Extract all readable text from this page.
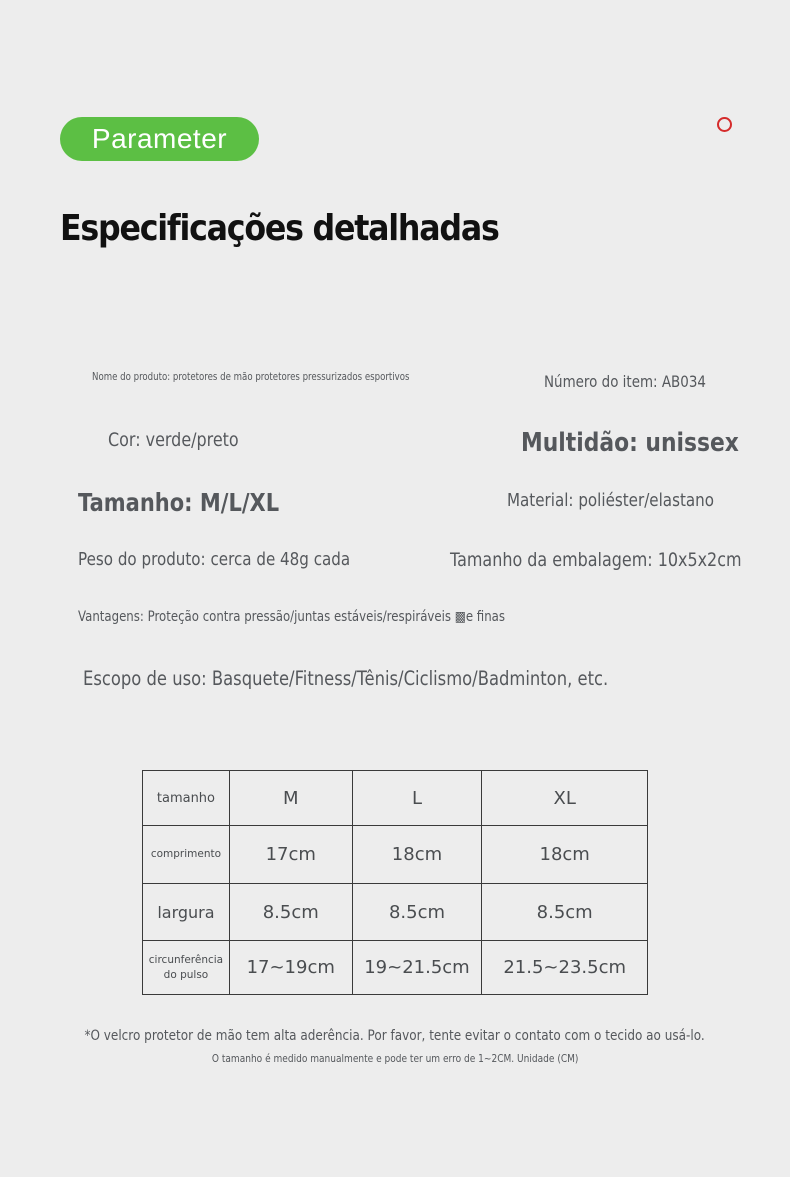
Parameter
Especificações detalhadas
Nome do produto: protetores de mão protetores pressurizados esportivos	Número do item: AB034
Cor: verde/preto	Multidão: unissex
Tamanho: M/L/XL	Material: poliéster/elastano
Peso do produto: cerca de 48g cada	Tamanho da embalagem: 10x5x2cm
Vantagens: Proteção contra pressão/juntas estáveis/respiráveis ▩e finas
Escopo de uso: Basquete/Fitness/Tênis/Ciclismo/Badminton, etc.
tamanho	M	L	XL
comprimento	17cm	18cm	18cm
largura	8.5cm	8.5cm	8.5cm
circunferência do pulso	17~19cm	19~21.5cm	21.5~23.5cm
*O velcro protetor de mão tem alta aderência. Por favor, tente evitar o contato com o tecido ao usá-lo.
O tamanho é medido manualmente e pode ter um erro de 1~2CM. Unidade (CM)
